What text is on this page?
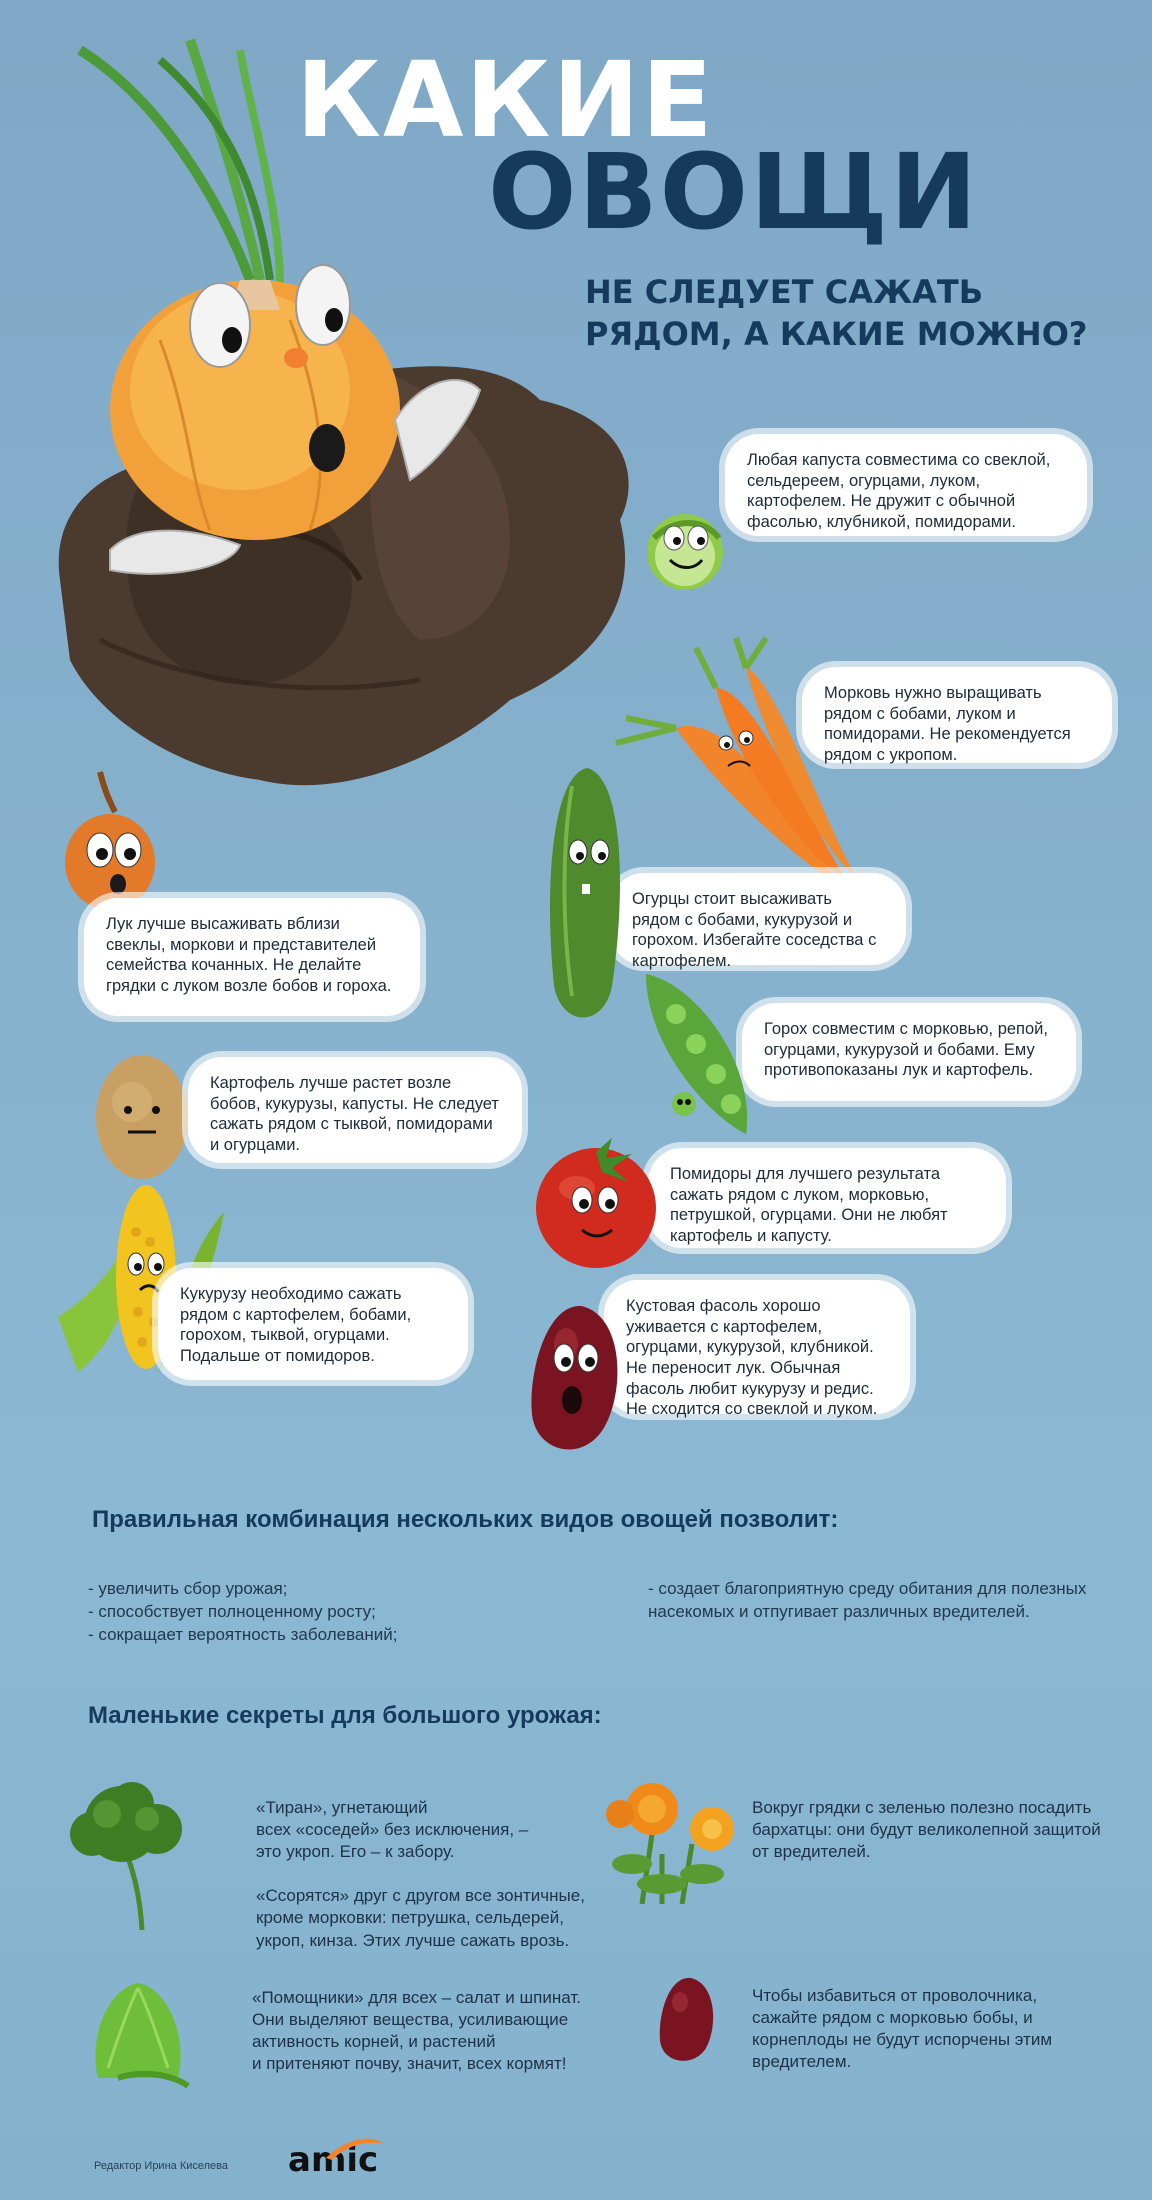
КАКИЕ
ОВОЩИ
НЕ СЛЕДУЕТ САЖАТЬ
РЯДОМ, А КАКИЕ МОЖНО?
Любая капуста совместима со свеклой, сельдереем, огурцами, луком, картофелем. Не дружит с обычной фасолью, клубникой, помидорами.
Морковь нужно выращивать рядом с бобами, луком и помидорами. Не рекомендуется рядом с укропом.
Огурцы стоит высаживать рядом с бобами, кукурузой и горохом. Избегайте соседства с картофелем.
Лук лучше высаживать вблизи свеклы, моркови и представителей семейства кочанных. Не делайте грядки с луком возле бобов и гороха.
Горох совместим с морковью, репой, огурцами, кукурузой и бобами. Ему противопоказаны лук и картофель.
Картофель лучше растет возле бобов, кукурузы, капусты. Не следует сажать рядом с тыквой, помидорами и огурцами.
Помидоры для лучшего результата сажать рядом с луком, морковью, петрушкой, огурцами. Они не любят картофель и капусту.
Кукурузу необходимо сажать рядом с картофелем, бобами, горохом, тыквой, огурцами. Подальше от помидоров.
Кустовая фасоль хорошо уживается с картофелем, огурцами, кукурузой, клубникой. Не переносит лук. Обычная фасоль любит кукурузу и редис. Не сходится со свеклой и луком.
Правильная комбинация нескольких видов овощей позволит:
- увеличить сбор урожая;
- способствует полноценному росту;
- сокращает вероятность заболеваний;
- создает благоприятную среду обитания для полезных
насекомых и отпугивает различных вредителей.
Маленькие секреты для большого урожая:
«Тиран», угнетающий
всех «соседей» без исключения, –
это укроп. Его – к забору.

«Ссорятся» друг с другом все зонтичные,
кроме морковки: петрушка, сельдерей,
укроп, кинза. Этих лучше сажать врозь.
Вокруг грядки с зеленью полезно посадить
бархатцы: они будут великолепной защитой
от вредителей.
«Помощники» для всех – салат и шпинат.
Они выделяют вещества, усиливающие
активность корней, и растений
и притеняют почву, значит, всех кормят!
Чтобы избавиться от проволочника,
сажайте рядом с морковью бобы, и
корнеплоды не будут испорчены этим
вредителем.
Редактор Ирина Киселева amic
